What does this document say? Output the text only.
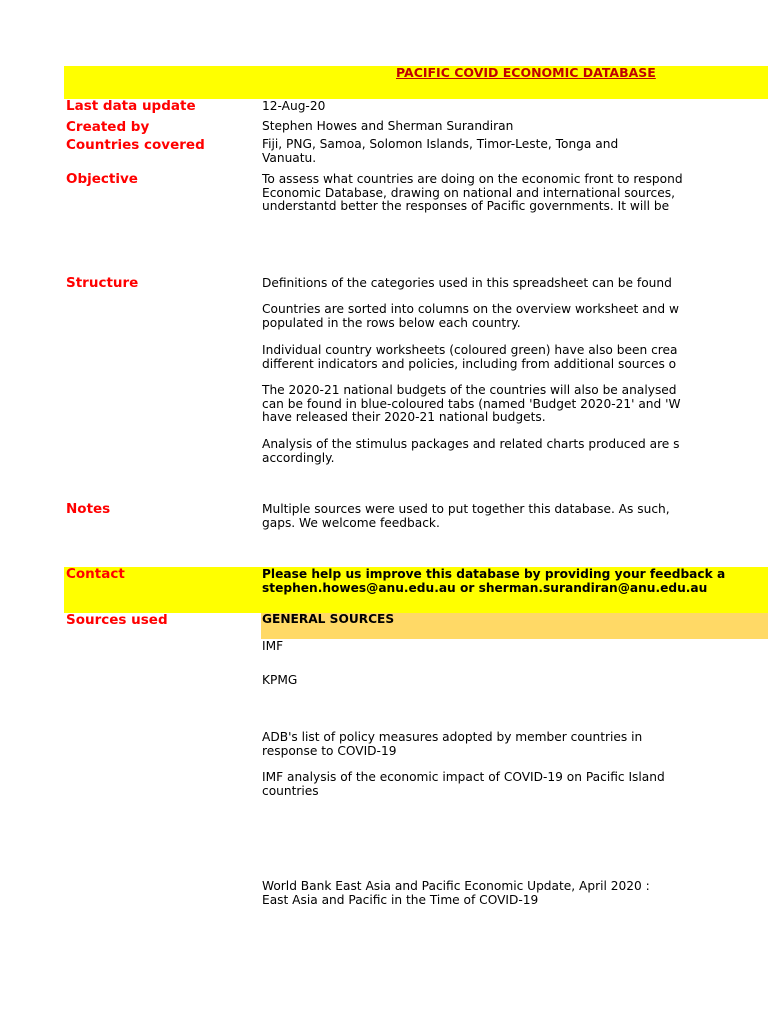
PACIFIC COVID ECONOMIC DATABASE
Last data update	12-Aug-20
Created by	Stephen Howes and Sherman Surandiran
Countries covered	Fiji, PNG, Samoa, Solomon Islands, Timor-Leste, Tonga and
Vanuatu.
Objective	To assess what countries are doing on the economic front to respond
Economic Database, drawing on national and international sources,
understantd better the responses of Pacific governments. It will be
Structure	Definitions of the categories used in this spreadsheet can be found
Countries are sorted into columns on the overview worksheet and w
populated in the rows below each country.
Individual country worksheets (coloured green) have also been crea
different indicators and policies, including from additional sources o
The 2020-21 national budgets of the countries will also be analysed
can be found in blue-coloured tabs (named 'Budget 2020-21' and 'W
have released their 2020-21 national budgets.
Analysis of the stimulus packages and related charts produced are s
accordingly.
Notes	Multiple sources were used to put together this database. As such,
gaps. We welcome feedback.
Contact	Please help us improve this database by providing your feedback a
stephen.howes@anu.edu.au or sherman.surandiran@anu.edu.au
Sources used	GENERAL SOURCES
IMF
KPMG
ADB's list of policy measures adopted by member countries in
response to COVID-19
IMF analysis of the economic impact of COVID-19 on Pacific Island
countries
World Bank East Asia and Pacific Economic Update, April 2020 :
East Asia and Pacific in the Time of COVID-19
